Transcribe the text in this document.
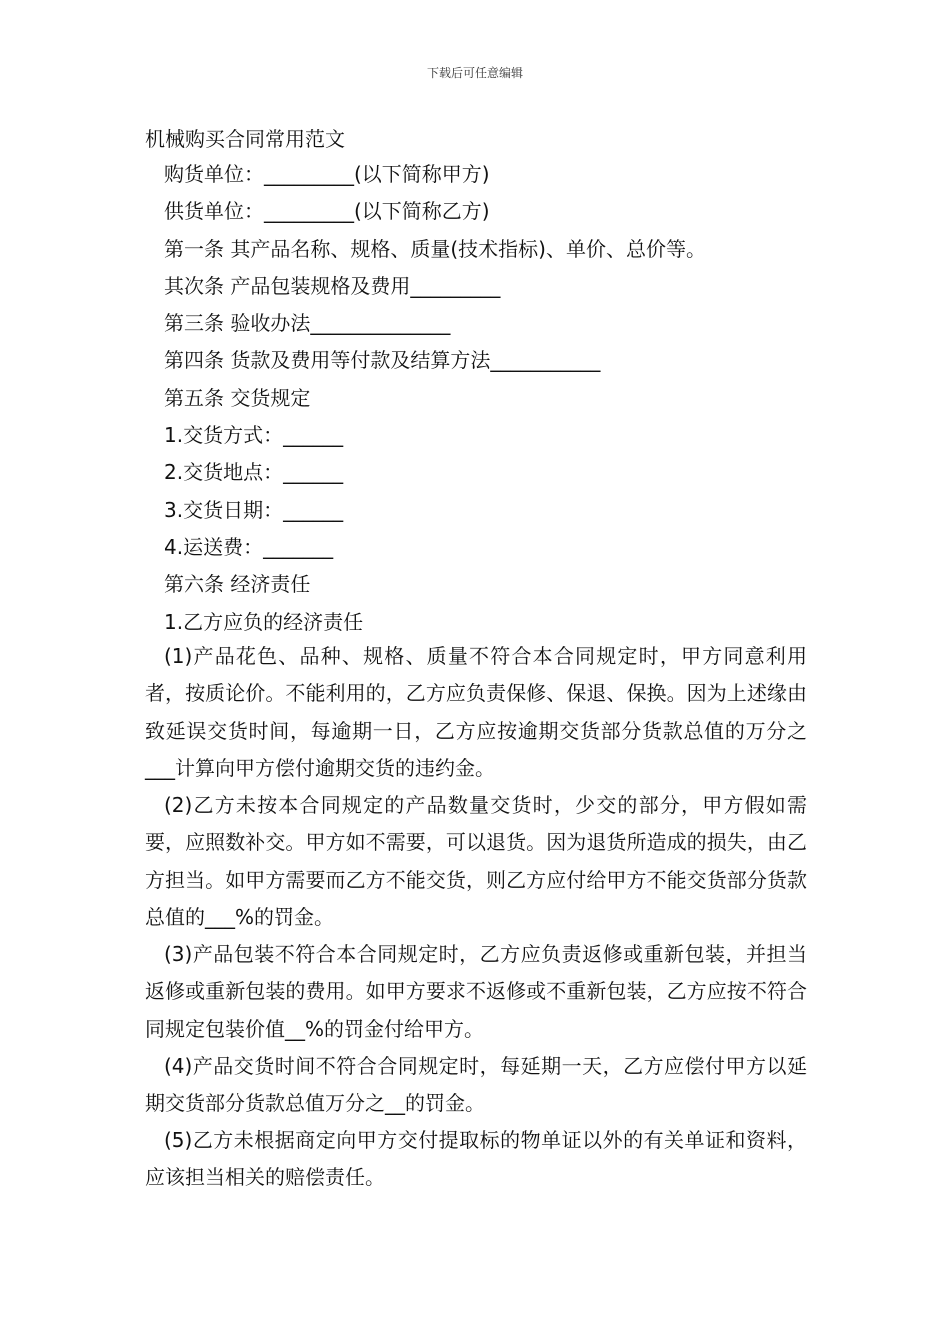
下载后可任意编辑
机械购买合同常用范文
购货单位：_________(以下简称甲方)
供货单位：_________(以下简称乙方)
第一条 其产品名称、规格、质量(技术指标)、单价、总价等。
其次条 产品包装规格及费用_________
第三条 验收办法______________
第四条 货款及费用等付款及结算方法___________
第五条 交货规定
1.交货方式：______
2.交货地点：______
3.交货日期：______
4.运送费：_______
第六条 经济责任
1.乙方应负的经济责任

(1)产品花色、品种、规格、质量不符合本合同规定时，甲方同意利用者，按质论价。不能利用的，乙方应负责保修、保退、保换。因为上述缘由致延误交货时间，每逾期一日，乙方应按逾期交货部分货款总值的万分之___计算向甲方偿付逾期交货的违约金。

(2)乙方未按本合同规定的产品数量交货时，少交的部分，甲方假如需要，应照数补交。甲方如不需要，可以退货。因为退货所造成的损失，由乙方担当。如甲方需要而乙方不能交货，则乙方应付给甲方不能交货部分货款总值的___%的罚金。

(3)产品包装不符合本合同规定时，乙方应负责返修或重新包装，并担当返修或重新包装的费用。如甲方要求不返修或不重新包装，乙方应按不符合同规定包装价值__%的罚金付给甲方。

(4)产品交货时间不符合合同规定时，每延期一天，乙方应偿付甲方以延期交货部分货款总值万分之__的罚金。

(5)乙方未根据商定向甲方交付提取标的物单证以外的有关单证和资料，应该担当相关的赔偿责任。
